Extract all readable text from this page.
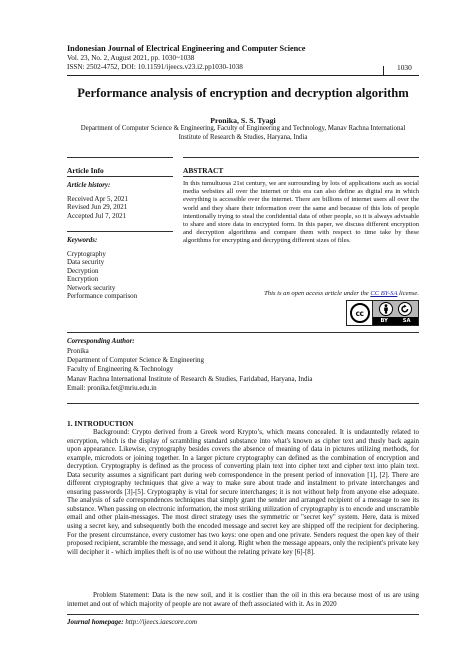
Indonesian Journal of Electrical Engineering and Computer Science
Vol. 23, No. 2, August 2021, pp. 1030~1038
ISSN: 2502-4752, DOI: 10.11591/ijeecs.v23.i2.pp1030-1038	1030
Performance analysis of encryption and decryption algorithm
Pronika, S. S. Tyagi
Department of Computer Science & Engineering, Faculty of Engineering and Technology, Manav Rachna International
Institute of Research & Studies, Haryana, India
Article Info
Article history:
Received Apr 5, 2021
Revised Jun 29, 2021
Accepted Jul 7, 2021
Keywords:
Cryptography
Data security
Decryption
Encryption
Network security
Performance comparison
ABSTRACT
In this tumultuous 21st century, we are surrounding by lots of applications such as social media websites all over the internet or this era can also define as digital era in which everything is accessible over the internet. There are billions of internet users all over the world and they share their information over the same and because of this lots of people intentionally trying to steal the confidential data of other people, so it is always advisable to share and store data in encrypted form. In this paper, we discuss different encryption and decryption algorithms and compare them with respect to time take by these algorithms for encrypting and decrypting different sizes of files.
This is an open access article under the CC BY-SA license.
cc
BY	SA
Corresponding Author:
Pronika
Department of Computer Science & Engineering
Faculty of Engineering & Technology
Manav Rachna International Institute of Research & Studies, Faridabad, Haryana, India
Email: pronika.fet@mriu.edu.in
1. INTRODUCTION
Background: Crypto derived from a Greek word Krypto’s, which means concealed. It is undauntedly related to encryption, which is the display of scrambling standard substance into what's known as cipher text and thusly back again upon appearance. Likewise, cryptography besides covers the absence of meaning of data in pictures utilizing methods, for example, microdots or joining together. In a larger picture cryptography can defined as the combination of encryption and decryption. Cryptography is defined as the process of converting plain text into cipher text and cipher text into plain text. Data security assumes a significant part during web correspondence in the present period of innovation [1], [2]. There are different cryptography techniques that give a way to make sure about trade and instalment to private interchanges and ensuring passwords [3]-[5]. Cryptography is vital for secure interchanges; it is not without help from anyone else adequate. The analysis of safe correspondences techniques that simply grant the sender and arranged recipient of a message to see its substance. When passing on electronic information, the most striking utilization of cryptography is to encode and unscramble email and other plain-messages. The most direct strategy uses the symmetric or "secret key" system. Here, data is mixed using a secret key, and subsequently both the encoded message and secret key are shipped off the recipient for deciphering. For the present circumstance, every customer has two keys: one open and one private. Senders request the open key of their proposed recipient, scramble the message, and send it along. Right when the message appears, only the recipient's private key will decipher it - which implies theft is of no use without the relating private key [6]-[8].
Problem Statement: Data is the new soil, and it is costlier than the oil in this era because most of us are using internet and out of which majority of people are not aware of theft associated with it. As in 2020
Journal homepage: http://ijeecs.iaescore.com
